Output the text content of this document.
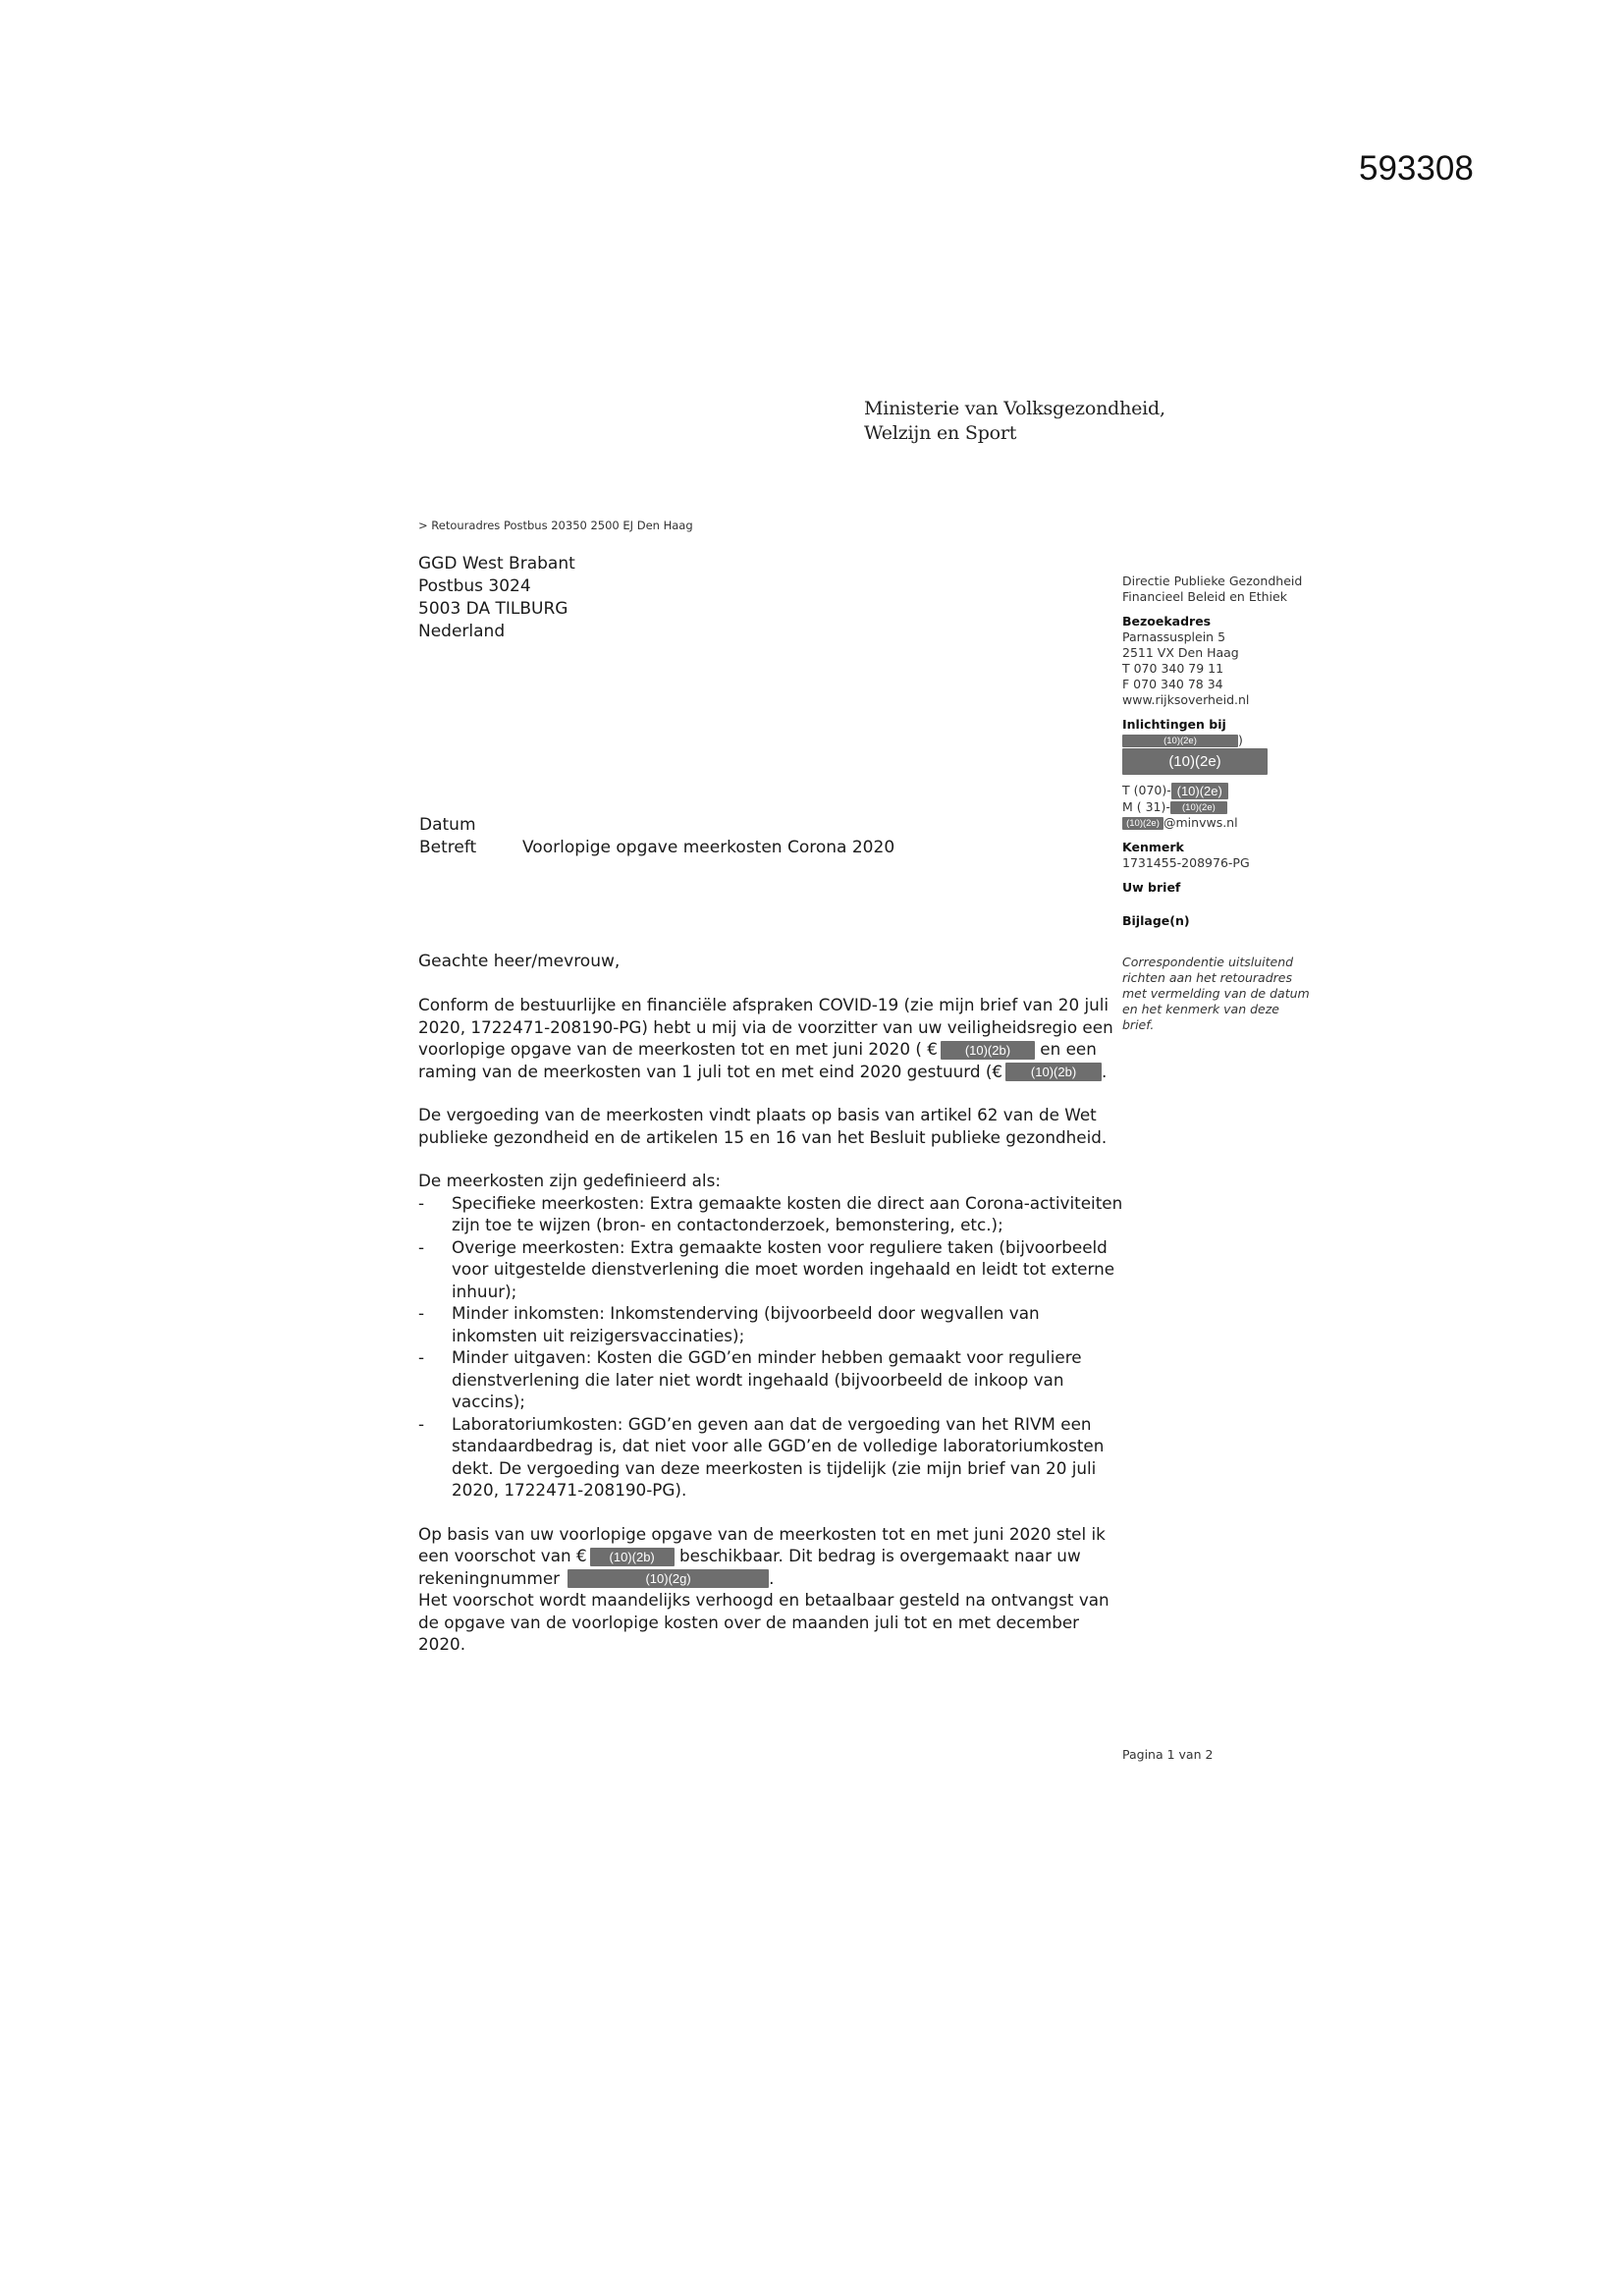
593308
Ministerie van Volksgezondheid,
Welzijn en Sport
> Retouradres Postbus 20350 2500 EJ Den Haag
GGD West Brabant
Postbus 3024
5003 DA TILBURG
Nederland
Directie Publieke Gezondheid
Financieel Beleid en Ethiek
Bezoekadres
Parnassusplein 5
2511 VX Den Haag
T 070 340 79 11
F 070 340 78 34
www.rijksoverheid.nl
Inlichtingen bij
(10)(2e)	)
(10)(2e)
T (070)- (10)(2e)
M ( 31)- (10)(2e)
(10)(2e) @minvws.nl
Kenmerk
1731455-208976-PG
Uw brief
Bijlage(n)
Correspondentie uitsluitend
richten aan het retouradres
met vermelding van de datum
en het kenmerk van deze
brief.
Datum
Betreft	Voorlopige opgave meerkosten Corona 2020
Geachte heer/mevrouw,

Conform de bestuurlijke en financiële afspraken COVID-19 (zie mijn brief van 20 juli 2020, 1722471-208190-PG) hebt u mij via de voorzitter van uw veiligheidsregio een voorlopige opgave van de meerkosten tot en met juni 2020 ( € (10)(2b) en een raming van de meerkosten van 1 juli tot en met eind 2020 gestuurd (€ (10)(2b) .

De vergoeding van de meerkosten vindt plaats op basis van artikel 62 van de Wet publieke gezondheid en de artikelen 15 en 16 van het Besluit publieke gezondheid.

De meerkosten zijn gedefinieerd als:
- Specifieke meerkosten: Extra gemaakte kosten die direct aan Corona-activiteiten zijn toe te wijzen (bron- en contactonderzoek, bemonstering, etc.);
- Overige meerkosten: Extra gemaakte kosten voor reguliere taken (bijvoorbeeld voor uitgestelde dienstverlening die moet worden ingehaald en leidt tot externe inhuur);
- Minder inkomsten: Inkomstenderving (bijvoorbeeld door wegvallen van inkomsten uit reizigersvaccinaties);
- Minder uitgaven: Kosten die GGD’en minder hebben gemaakt voor reguliere dienstverlening die later niet wordt ingehaald (bijvoorbeeld de inkoop van vaccins);
- Laboratoriumkosten: GGD’en geven aan dat de vergoeding van het RIVM een standaardbedrag is, dat niet voor alle GGD’en de volledige laboratoriumkosten dekt. De vergoeding van deze meerkosten is tijdelijk (zie mijn brief van 20 juli 2020, 1722471-208190-PG).
Op basis van uw voorlopige opgave van de meerkosten tot en met juni 2020 stel ik een voorschot van € (10)(2b) beschikbaar. Dit bedrag is overgemaakt naar uw rekeningnummer	(10)(2g)	.
Het voorschot wordt maandelijks verhoogd en betaalbaar gesteld na ontvangst van de opgave van de voorlopige kosten over de maanden juli tot en met december 2020.
Pagina 1 van 2
